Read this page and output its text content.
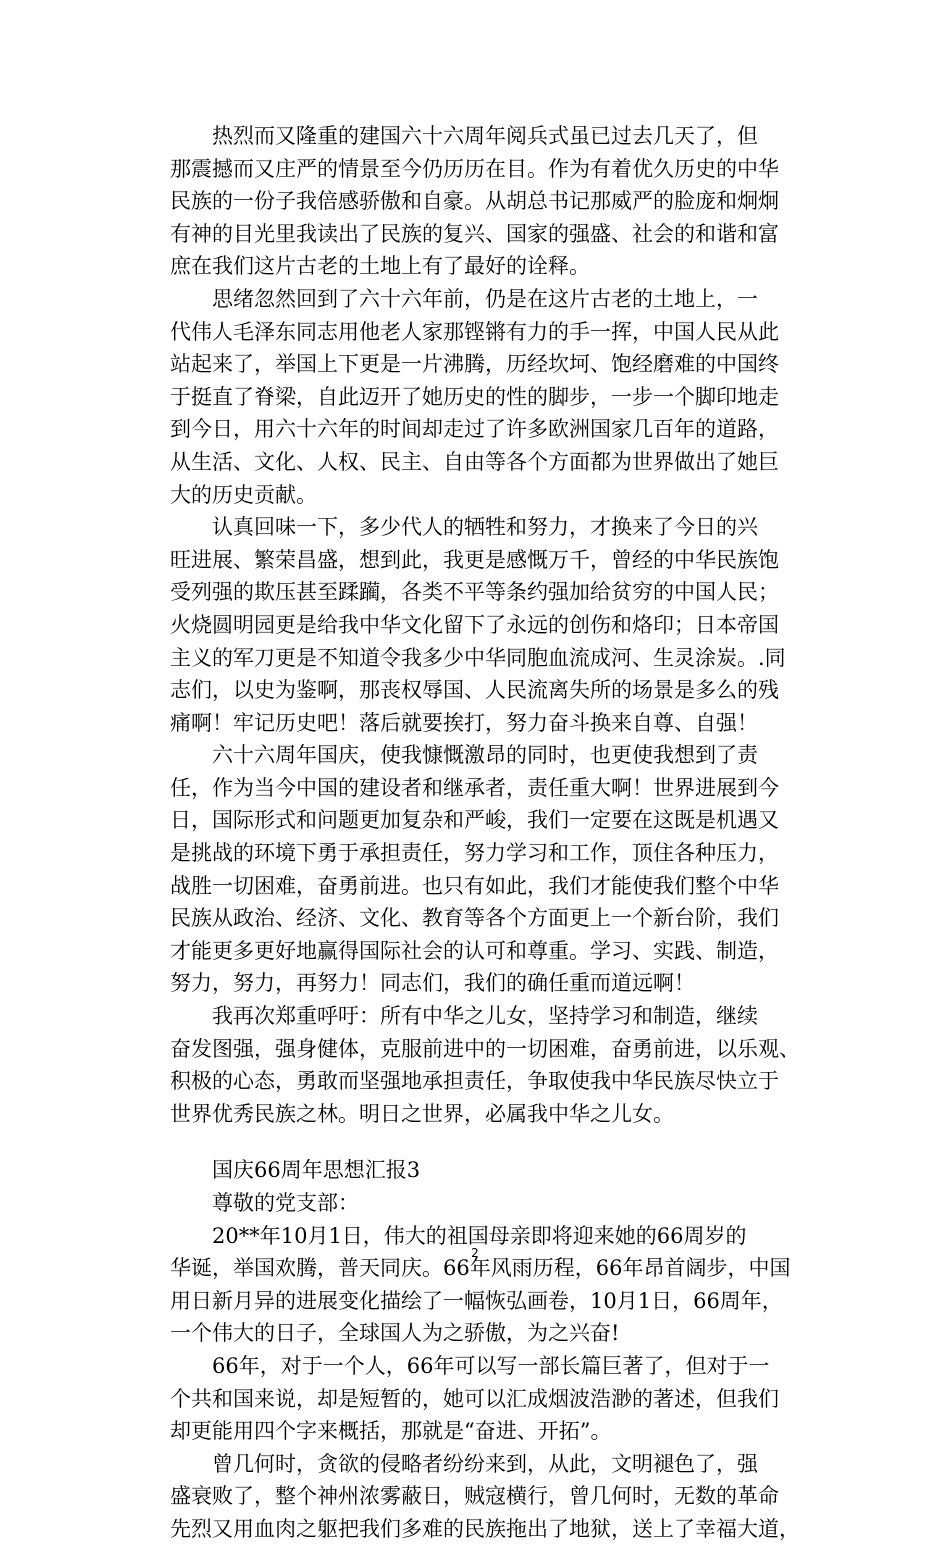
热烈而又隆重的建国六十六周年阅兵式虽已过去几天了，但
那震撼而又庄严的情景至今仍历历在目。作为有着优久历史的中华
民族的一份子我倍感骄傲和自豪。从胡总书记那威严的脸庞和炯炯
有神的目光里我读出了民族的复兴、国家的强盛、社会的和谐和富
庶在我们这片古老的土地上有了最好的诠释。
思绪忽然回到了六十六年前，仍是在这片古老的土地上，一
代伟人毛泽东同志用他老人家那铿锵有力的手一挥，中国人民从此
站起来了，举国上下更是一片沸腾，历经坎坷、饱经磨难的中国终
于挺直了脊梁，自此迈开了她历史的性的脚步，一步一个脚印地走
到今日，用六十六年的时间却走过了许多欧洲国家几百年的道路，
从生活、文化、人权、民主、自由等各个方面都为世界做出了她巨
大的历史贡献。
认真回味一下，多少代人的牺牲和努力，才换来了今日的兴
旺进展、繁荣昌盛，想到此，我更是感慨万千，曾经的中华民族饱
受列强的欺压甚至蹂躏，各类不平等条约强加给贫穷的中国人民；
火烧圆明园更是给我中华文化留下了永远的创伤和烙印；日本帝国
主义的军刀更是不知道令我多少中华同胞血流成河、生灵涂炭。.同
志们，以史为鉴啊，那丧权辱国、人民流离失所的场景是多么的残
痛啊！牢记历史吧！落后就要挨打，努力奋斗换来自尊、自强！
六十六周年国庆，使我慷慨激昂的同时，也更使我想到了责
任，作为当今中国的建设者和继承者，责任重大啊！世界进展到今
日，国际形式和问题更加复杂和严峻，我们一定要在这既是机遇又
是挑战的环境下勇于承担责任，努力学习和工作，顶住各种压力，
战胜一切困难，奋勇前进。也只有如此，我们才能使我们整个中华
民族从政治、经济、文化、教育等各个方面更上一个新台阶，我们
才能更多更好地赢得国际社会的认可和尊重。学习、实践、制造，
努力，努力，再努力！同志们，我们的确任重而道远啊！
我再次郑重呼吁：所有中华之儿女，坚持学习和制造，继续
奋发图强，强身健体，克服前进中的一切困难，奋勇前进，以乐观、
积极的心态，勇敢而坚强地承担责任，争取使我中华民族尽快立于
世界优秀民族之林。明日之世界，必属我中华之儿女。
国庆66周年思想汇报3
尊敬的党支部：
20**年10月1日，伟大的祖国母亲即将迎来她的66周岁的
华诞，举国欢腾，普天同庆。66年风雨历程，66年昂首阔步，中国
用日新月异的进展变化描绘了一幅恢弘画卷，10月1日，66周年，
一个伟大的日子，全球国人为之骄傲，为之兴奋!
66年，对于一个人，66年可以写一部长篇巨著了，但对于一
个共和国来说，却是短暂的，她可以汇成烟波浩渺的著述，但我们
却更能用四个字来概括，那就是“奋进、开拓”。
曾几何时，贪欲的侵略者纷纷来到，从此，文明褪色了，强
盛衰败了，整个神州浓雾蔽日，贼寇横行，曾几何时，无数的革命
先烈又用血肉之躯把我们多难的民族拖出了地狱，送上了幸福大道，
2
